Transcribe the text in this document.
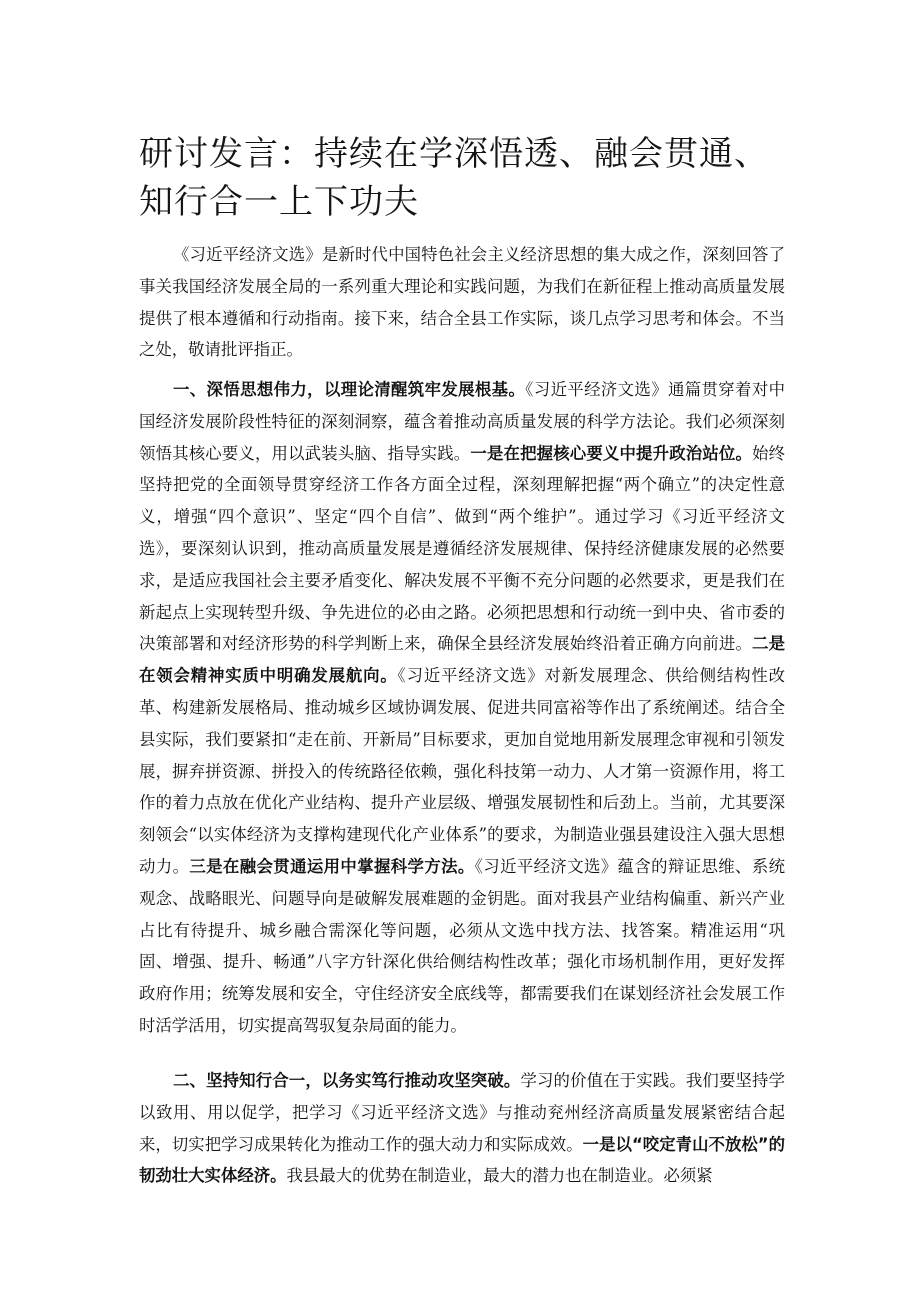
研讨发言：持续在学深悟透、融会贯通、知行合一上下功夫

《习近平经济文选》是新时代中国特色社会主义经济思想的集大成之作，深刻回答了事关我国经济发展全局的一系列重大理论和实践问题，为我们在新征程上推动高质量发展提供了根本遵循和行动指南。接下来，结合全县工作实际，谈几点学习思考和体会。不当之处，敬请批评指正。

一、深悟思想伟力，以理论清醒筑牢发展根基。《习近平经济文选》通篇贯穿着对中国经济发展阶段性特征的深刻洞察，蕴含着推动高质量发展的科学方法论。我们必须深刻领悟其核心要义，用以武装头脑、指导实践。一是在把握核心要义中提升政治站位。始终坚持把党的全面领导贯穿经济工作各方面全过程，深刻理解把握“两个确立”的决定性意义，增强“四个意识”、坚定“四个自信”、做到“两个维护”。通过学习《习近平经济文选》，要深刻认识到，推动高质量发展是遵循经济发展规律、保持经济健康发展的必然要求，是适应我国社会主要矛盾变化、解决发展不平衡不充分问题的必然要求，更是我们在新起点上实现转型升级、争先进位的必由之路。必须把思想和行动统一到中央、省市委的决策部署和对经济形势的科学判断上来，确保全县经济发展始终沿着正确方向前进。二是在领会精神实质中明确发展航向。《习近平经济文选》对新发展理念、供给侧结构性改革、构建新发展格局、推动城乡区域协调发展、促进共同富裕等作出了系统阐述。结合全县实际，我们要紧扣“走在前、开新局”目标要求，更加自觉地用新发展理念审视和引领发展，摒弃拼资源、拼投入的传统路径依赖，强化科技第一动力、人才第一资源作用，将工作的着力点放在优化产业结构、提升产业层级、增强发展韧性和后劲上。当前，尤其要深刻领会“以实体经济为支撑构建现代化产业体系”的要求，为制造业强县建设注入强大思想动力。三是在融会贯通运用中掌握科学方法。《习近平经济文选》蕴含的辩证思维、系统观念、战略眼光、问题导向是破解发展难题的金钥匙。面对我县产业结构偏重、新兴产业占比有待提升、城乡融合需深化等问题，必须从文选中找方法、找答案。精准运用“巩固、增强、提升、畅通”八字方针深化供给侧结构性改革；强化市场机制作用，更好发挥政府作用；统筹发展和安全，守住经济安全底线等，都需要我们在谋划经济社会发展工作时活学活用，切实提高驾驭复杂局面的能力。

二、坚持知行合一，以务实笃行推动攻坚突破。学习的价值在于实践。我们要坚持学以致用、用以促学，把学习《习近平经济文选》与推动兖州经济高质量发展紧密结合起来，切实把学习成果转化为推动工作的强大动力和实际成效。一是以“咬定青山不放松”的韧劲壮大实体经济。我县最大的优势在制造业，最大的潜力也在制造业。必须紧
